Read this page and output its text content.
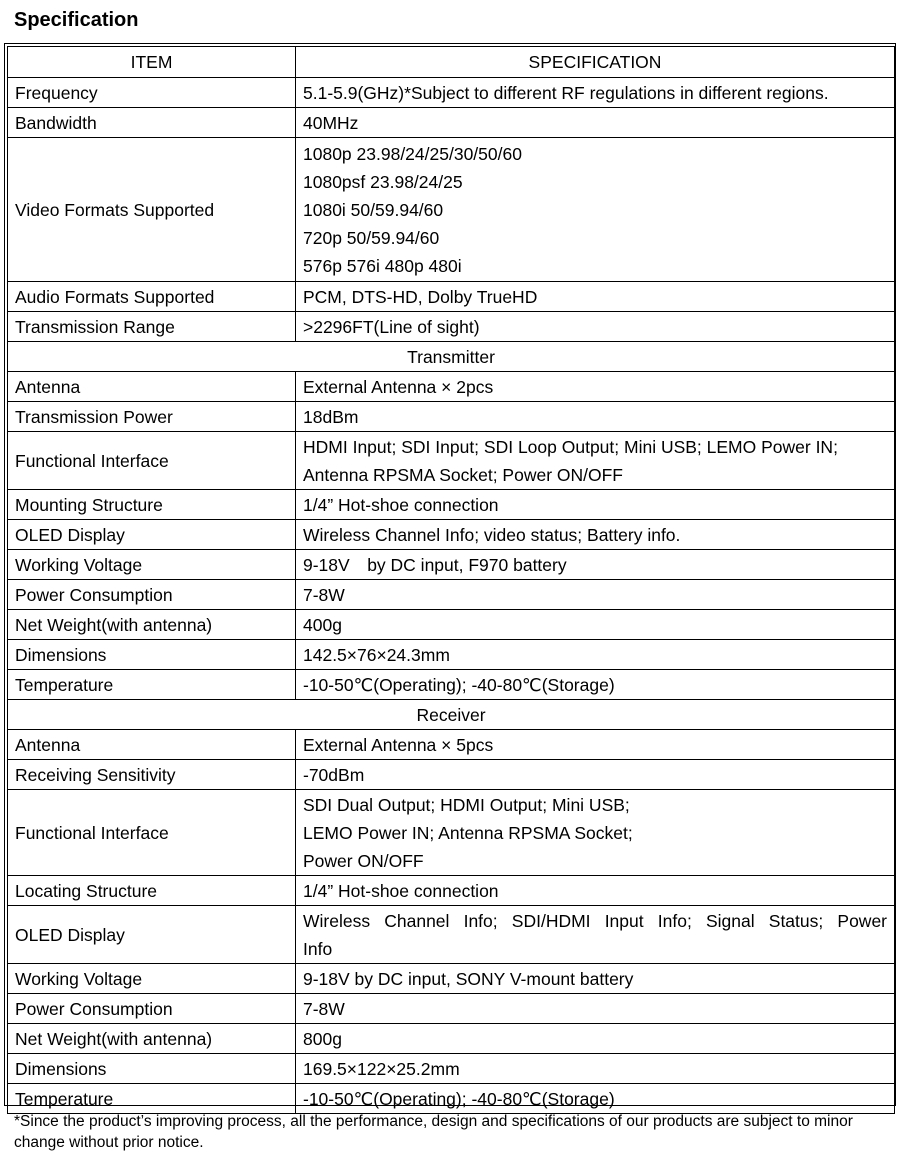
Specification
ITEM	SPECIFICATION
Frequency	5.1-5.9(GHz)*Subject to different RF regulations in different regions.

Bandwidth	40MHz

Video Formats Supported	1080p 23.98/24/25/30/50/60
1080psf 23.98/24/25
1080i 50/59.94/60
720p 50/59.94/60
576p 576i 480p 480i

Audio Formats Supported	PCM, DTS-HD, Dolby TrueHD

Transmission Range	>2296FT(Line of sight)

Transmitter	
Antenna	External Antenna × 2pcs

Transmission Power	18dBm

Functional Interface	HDMI Input; SDI Input; SDI Loop Output; Mini USB; LEMO Power IN;
Antenna RPSMA Socket; Power ON/OFF

Mounting Structure	1/4” Hot-shoe connection

OLED Display	Wireless Channel Info; video status; Battery info.

Working Voltage	9-18V　by DC input, F970 battery

Power Consumption	7-8W

Net Weight(with antenna)	400g

Dimensions	142.5×76×24.3mm

Temperature	-10-50℃(Operating); -40-80℃(Storage)

Receiver	
Antenna	External Antenna × 5pcs

Receiving Sensitivity	-70dBm

Functional Interface	SDI Dual Output; HDMI Output; Mini USB;
LEMO Power IN; Antenna RPSMA Socket;
Power ON/OFF

Locating Structure	1/4” Hot-shoe connection

OLED Display	Wireless Channel Info; SDI/HDMI Input Info; Signal Status; Power
Info

Working Voltage	9-18V by DC input, SONY V-mount battery

Power Consumption	7-8W

Net Weight(with antenna)	800g

Dimensions	169.5×122×25.2mm

Temperature	-10-50℃(Operating); -40-80℃(Storage)
*Since the product’s improving process, all the performance, design and specifications of our products are subject to minor
change without prior notice.
